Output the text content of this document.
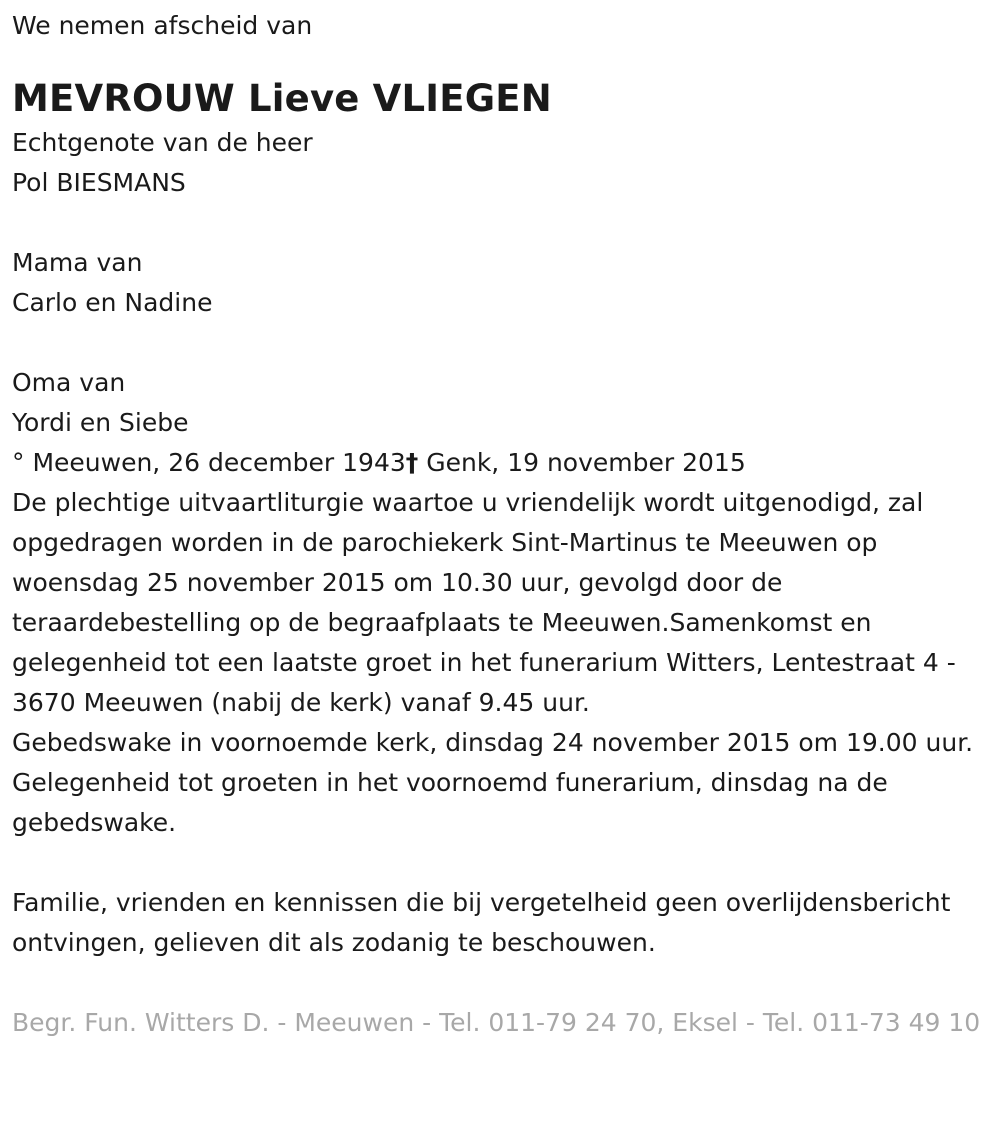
We nemen afscheid van

MEVROUW Lieve VLIEGEN

Echtgenote van de heer

Pol BIESMANS

Mama van

Carlo en Nadine

Oma van

Yordi en Siebe

° Meeuwen, 26 december 1943† Genk, 19 november 2015

De plechtige uitvaartliturgie waartoe u vriendelijk wordt uitgenodigd, zal opgedragen worden in de parochiekerk Sint-Martinus te Meeuwen op woensdag 25 november 2015 om 10.30 uur, gevolgd door de teraardebestelling op de begraafplaats te Meeuwen.Samenkomst en gelegenheid tot een laatste groet in het funerarium Witters, Lentestraat 4 - 3670 Meeuwen (nabij de kerk) vanaf 9.45 uur.

Gebedswake in voornoemde kerk, dinsdag 24 november 2015 om 19.00 uur.

Gelegenheid tot groeten in het voornoemd funerarium, dinsdag na de gebedswake.

Familie, vrienden en kennissen die bij vergetelheid geen overlijdensbericht ontvingen, gelieven dit als zodanig te beschouwen.

Begr. Fun. Witters D. - Meeuwen - Tel. 011-79 24 70, Eksel - Tel. 011-73 49 10
